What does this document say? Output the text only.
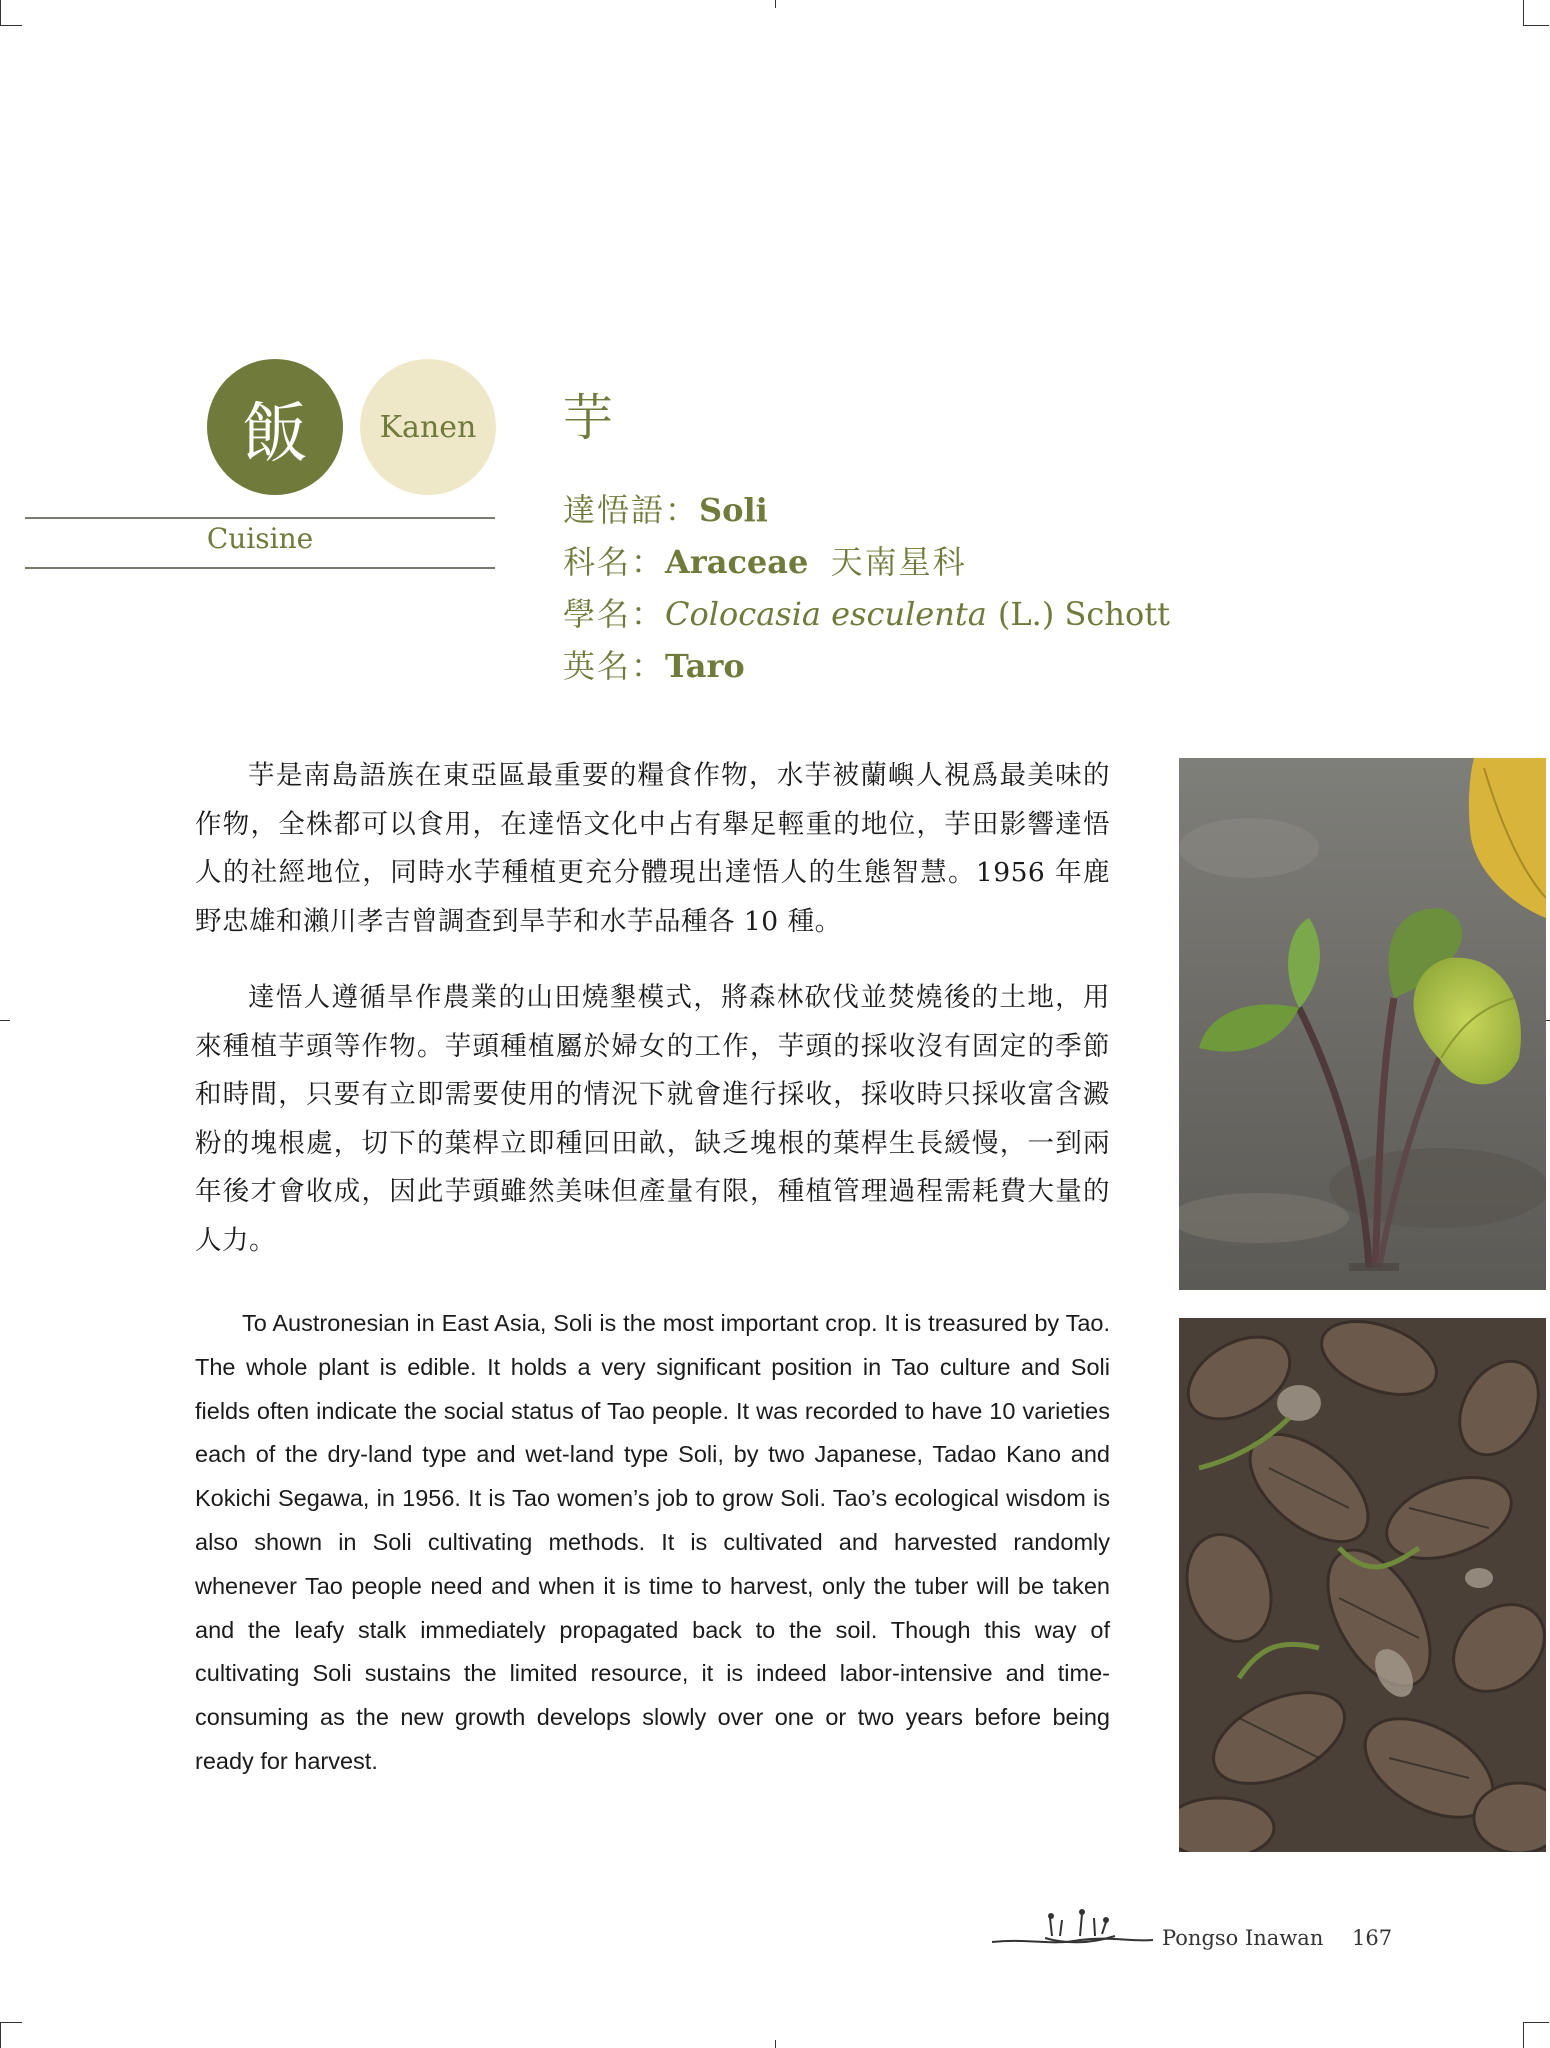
飯	Kanen
Cuisine
芋
達悟語：Soli
科名：Araceae 天南星科
學名：Colocasia esculenta (L.) Schott
英名：Taro

芋是南島語族在東亞區最重要的糧食作物，水芋被蘭嶼人視爲最美味的作物，全株都可以食用，在達悟文化中占有舉足輕重的地位，芋田影響達悟人的社經地位，同時水芋種植更充分體現出達悟人的生態智慧。1956 年鹿野忠雄和瀨川孝吉曾調查到旱芋和水芋品種各 10 種。

達悟人遵循旱作農業的山田燒墾模式，將森林砍伐並焚燒後的土地，用來種植芋頭等作物。芋頭種植屬於婦女的工作，芋頭的採收沒有固定的季節和時間，只要有立即需要使用的情況下就會進行採收，採收時只採收富含澱粉的塊根處，切下的葉桿立即種回田畝，缺乏塊根的葉桿生長緩慢，一到兩年後才會收成，因此芋頭雖然美味但產量有限，種植管理過程需耗費大量的人力。

To Austronesian in East Asia, Soli is the most important crop. It is treasured by Tao. The whole plant is edible. It holds a very significant position in Tao culture and Soli fields often indicate the social status of Tao people. It was recorded to have 10 varieties each of the dry-land type and wet-land type Soli, by two Japanese, Tadao Kano and Kokichi Segawa, in 1956. It is Tao women’s job to grow Soli. Tao’s ecological wisdom is also shown in Soli cultivating methods. It is cultivated and harvested randomly whenever Tao people need and when it is time to harvest, only the tuber will be taken and the leafy stalk immediately propagated back to the soil. Though this way of cultivating Soli sustains the limited resource, it is indeed labor-intensive and time-consuming as the new growth develops slowly over one or two years before being ready for harvest.

Pongso Inawan 167
